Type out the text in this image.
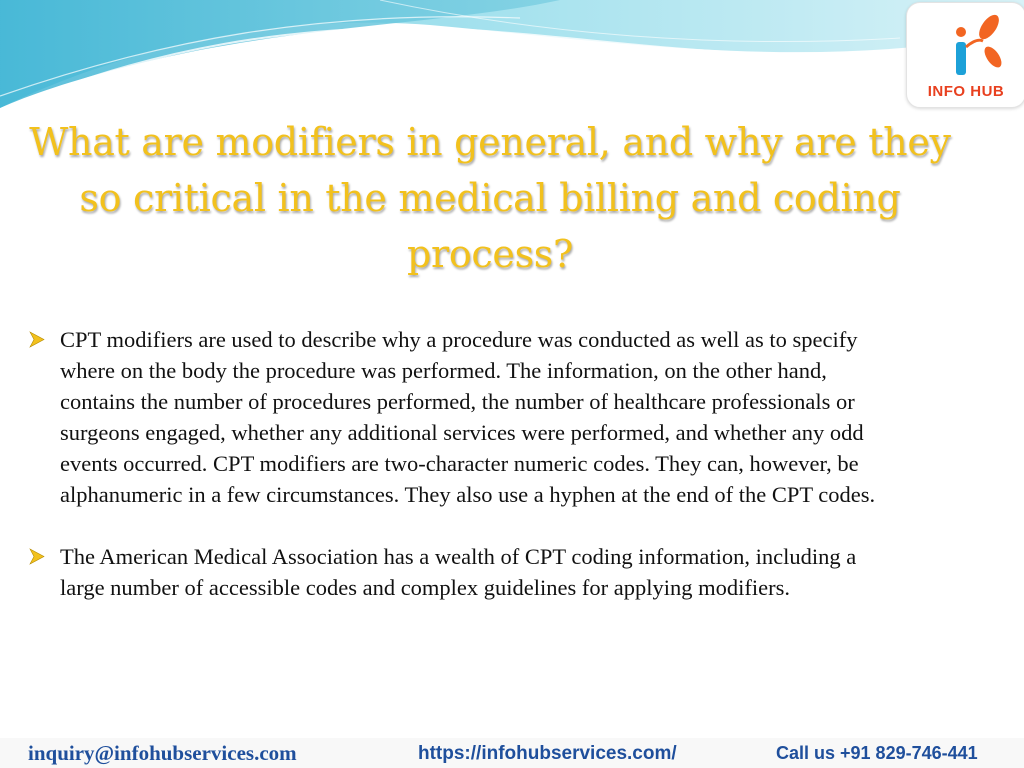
INFO HUB
What are modifiers in general, and why are they so critical in the medical billing and coding process?

CPT modifiers are used to describe why a procedure was conducted as well as to specify where on the body the procedure was performed. The information, on the other hand, contains the number of procedures performed, the number of healthcare professionals or surgeons engaged, whether any additional services were performed, and whether any odd events occurred. CPT modifiers are two-character numeric codes. They can, however, be alphanumeric in a few circumstances. They also use a hyphen at the end of the CPT codes.

The American Medical Association has a wealth of CPT coding information, including a large number of accessible codes and complex guidelines for applying modifiers.

inquiry@infohubservices.com	https://infohubservices.com/	Call us +91 829-746-441
